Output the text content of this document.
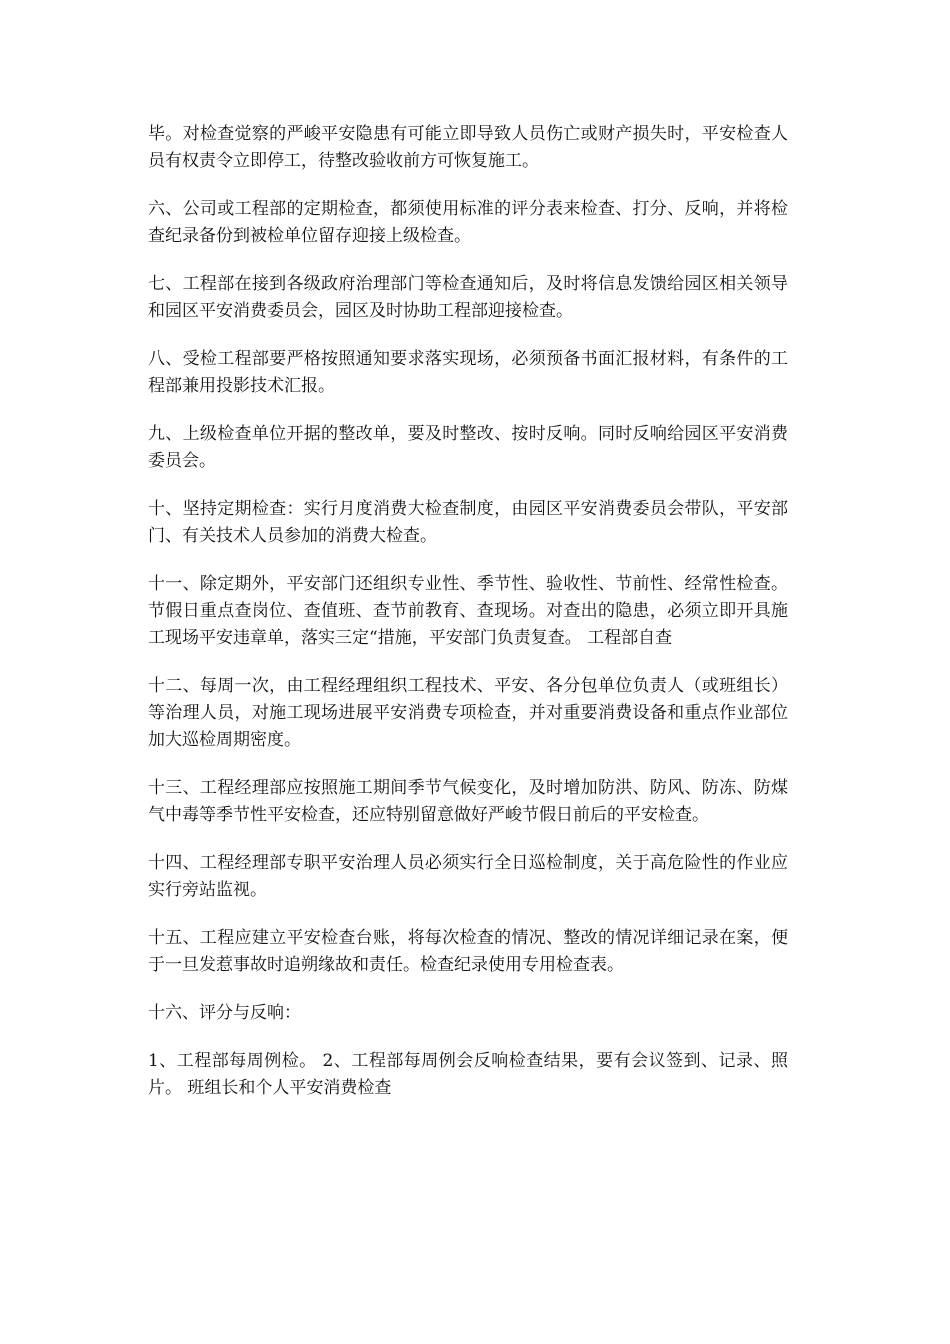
毕。对检查觉察的严峻平安隐患有可能立即导致人员伤亡或财产损失时，平安检查人员有权责令立即停工，待整改验收前方可恢复施工。

六、公司或工程部的定期检查，都须使用标准的评分表来检查、打分、反响，并将检查纪录备份到被检单位留存迎接上级检查。

七、工程部在接到各级政府治理部门等检查通知后，及时将信息发馈给园区相关领导和园区平安消费委员会，园区及时协助工程部迎接检查。

八、受检工程部要严格按照通知要求落实现场，必须预备书面汇报材料，有条件的工程部兼用投影技术汇报。

九、上级检查单位开据的整改单，要及时整改、按时反响。同时反响给园区平安消费委员会。

十、坚持定期检查：实行月度消费大检查制度，由园区平安消费委员会带队，平安部门、有关技术人员参加的消费大检查。

十一、除定期外，平安部门还组织专业性、季节性、验收性、节前性、经常性检查。节假日重点查岗位、查值班、查节前教育、查现场。对查出的隐患，必须立即开具施工现场平安违章单，落实三定“措施，平安部门负责复查。 工程部自查

十二、每周一次，由工程经理组织工程技术、平安、各分包单位负责人（或班组长）等治理人员，对施工现场进展平安消费专项检查，并对重要消费设备和重点作业部位加大巡检周期密度。

十三、工程经理部应按照施工期间季节气候变化，及时增加防洪、防风、防冻、防煤气中毒等季节性平安检查，还应特别留意做好严峻节假日前后的平安检查。

十四、工程经理部专职平安治理人员必须实行全日巡检制度，关于高危险性的作业应实行旁站监视。

十五、工程应建立平安检查台账，将每次检查的情况、整改的情况详细记录在案，便于一旦发惹事故时追朔缘故和责任。检查纪录使用专用检查表。

十六、评分与反响：

1、工程部每周例检。 2、工程部每周例会反响检查结果，要有会议签到、记录、照片。 班组长和个人平安消费检查
